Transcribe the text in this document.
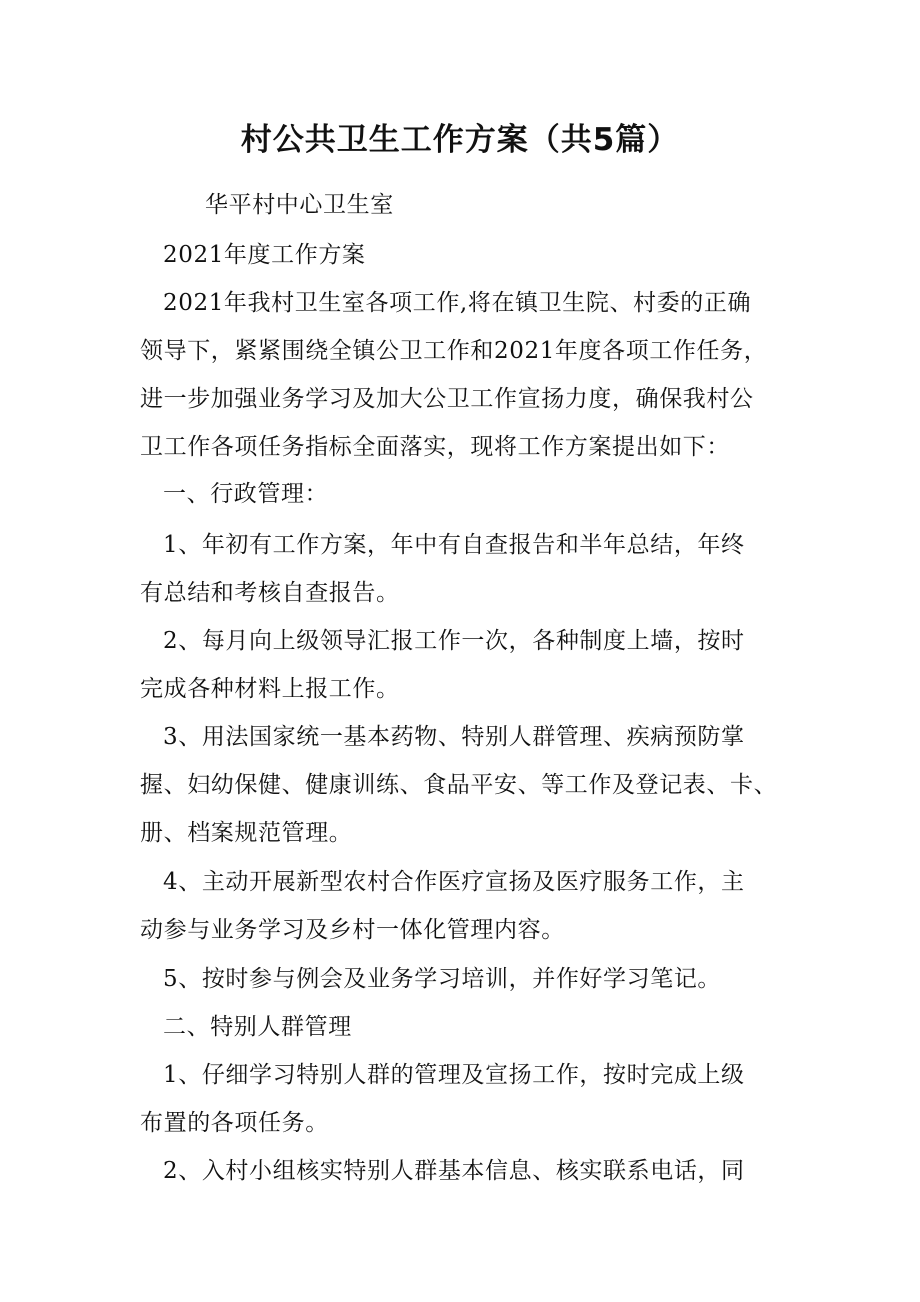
村公共卫生工作方案（共5篇）
华平村中心卫生室
2021年度工作方案
2021年我村卫生室各项工作,将在镇卫生院、村委的正确
领导下，紧紧围绕全镇公卫工作和2021年度各项工作任务，
进一步加强业务学习及加大公卫工作宣扬力度，确保我村公
卫工作各项任务指标全面落实，现将工作方案提出如下：
一、行政管理：
1、年初有工作方案，年中有自查报告和半年总结，年终
有总结和考核自查报告。
2、每月向上级领导汇报工作一次，各种制度上墙，按时
完成各种材料上报工作。
3、用法国家统一基本药物、特别人群管理、疾病预防掌
握、妇幼保健、健康训练、食品平安、等工作及登记表、卡、
册、档案规范管理。
4、主动开展新型农村合作医疗宣扬及医疗服务工作，主
动参与业务学习及乡村一体化管理内容。
5、按时参与例会及业务学习培训，并作好学习笔记。
二、特别人群管理
1、仔细学习特别人群的管理及宣扬工作，按时完成上级
布置的各项任务。
2、入村小组核实特别人群基本信息、核实联系电话，同
